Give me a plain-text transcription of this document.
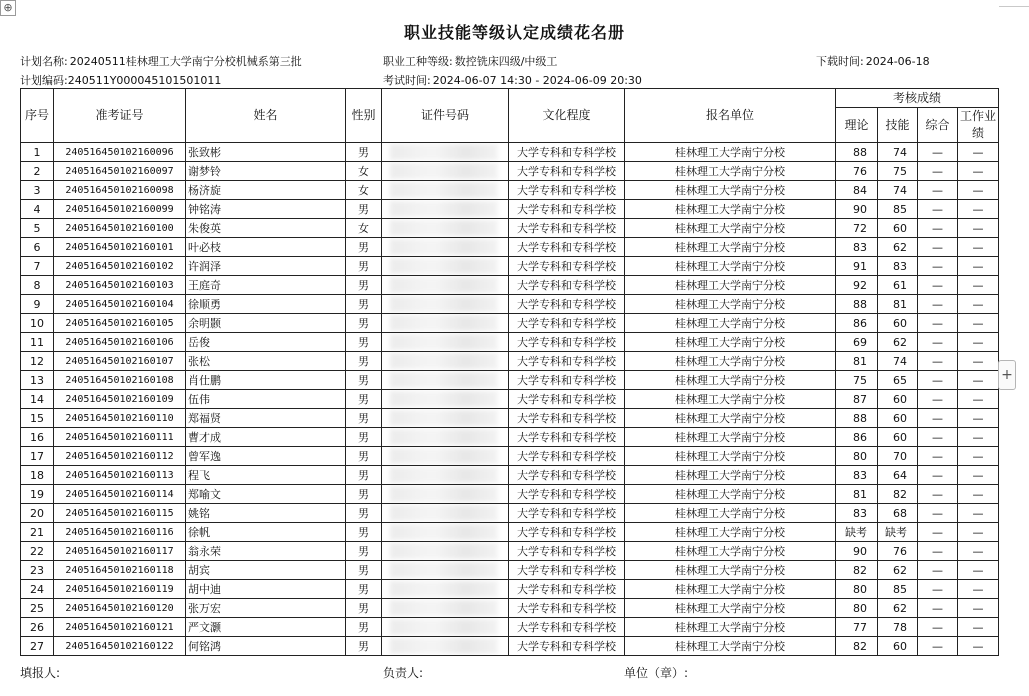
⊕
职业技能等级认定成绩花名册
计划名称: 20240511桂林理工大学南宁分校机械系第三批	职业工种等级: 数控铣床四级/中级工	下载时间: 2024-06-18
计划编码:240511Y000045101501011	考试时间: 2024-06-07 14:30 - 2024-06-09 20:30
序号	准考证号	姓名	性别	证件号码	文化程度	报名单位	考核成绩			
							理论	技能	综合	工作业绩
1	240516450102160096	张致彬	男		大学专科和专科学校	桂林理工大学南宁分校	88	74	—	—
2	240516450102160097	谢梦铃	女		大学专科和专科学校	桂林理工大学南宁分校	76	75	—	—
3	240516450102160098	杨济旋	女		大学专科和专科学校	桂林理工大学南宁分校	84	74	—	—
4	240516450102160099	钟铭涛	男		大学专科和专科学校	桂林理工大学南宁分校	90	85	—	—
5	240516450102160100	朱俊英	女		大学专科和专科学校	桂林理工大学南宁分校	72	60	—	—
6	240516450102160101	叶必枝	男		大学专科和专科学校	桂林理工大学南宁分校	83	62	—	—
7	240516450102160102	许润泽	男		大学专科和专科学校	桂林理工大学南宁分校	91	83	—	—
8	240516450102160103	王庭奇	男		大学专科和专科学校	桂林理工大学南宁分校	92	61	—	—
9	240516450102160104	徐顺勇	男		大学专科和专科学校	桂林理工大学南宁分校	88	81	—	—
10	240516450102160105	余明颢	男		大学专科和专科学校	桂林理工大学南宁分校	86	60	—	—
11	240516450102160106	岳俊	男		大学专科和专科学校	桂林理工大学南宁分校	69	62	—	—
12	240516450102160107	张松	男		大学专科和专科学校	桂林理工大学南宁分校	81	74	—	—
13	240516450102160108	肖仕鹏	男		大学专科和专科学校	桂林理工大学南宁分校	75	65	—	—
14	240516450102160109	伍伟	男		大学专科和专科学校	桂林理工大学南宁分校	87	60	—	—
15	240516450102160110	郑福贤	男		大学专科和专科学校	桂林理工大学南宁分校	88	60	—	—
16	240516450102160111	曹才成	男		大学专科和专科学校	桂林理工大学南宁分校	86	60	—	—
17	240516450102160112	曾军逸	男		大学专科和专科学校	桂林理工大学南宁分校	80	70	—	—
18	240516450102160113	程飞	男		大学专科和专科学校	桂林理工大学南宁分校	83	64	—	—
19	240516450102160114	郑喻文	男		大学专科和专科学校	桂林理工大学南宁分校	81	82	—	—
20	240516450102160115	姚铭	男		大学专科和专科学校	桂林理工大学南宁分校	83	68	—	—
21	240516450102160116	徐帆	男		大学专科和专科学校	桂林理工大学南宁分校	缺考	缺考	—	—
22	240516450102160117	翁永荣	男		大学专科和专科学校	桂林理工大学南宁分校	90	76	—	—
23	240516450102160118	胡宾	男		大学专科和专科学校	桂林理工大学南宁分校	82	62	—	—
24	240516450102160119	胡中迪	男		大学专科和专科学校	桂林理工大学南宁分校	80	85	—	—
25	240516450102160120	张万宏	男		大学专科和专科学校	桂林理工大学南宁分校	80	62	—	—
26	240516450102160121	严文灏	男		大学专科和专科学校	桂林理工大学南宁分校	77	78	—	—
27	240516450102160122	何铭鸿	男		大学专科和专科学校	桂林理工大学南宁分校	82	60	—	—
填报人:	负责人:	单位（章）:
+
